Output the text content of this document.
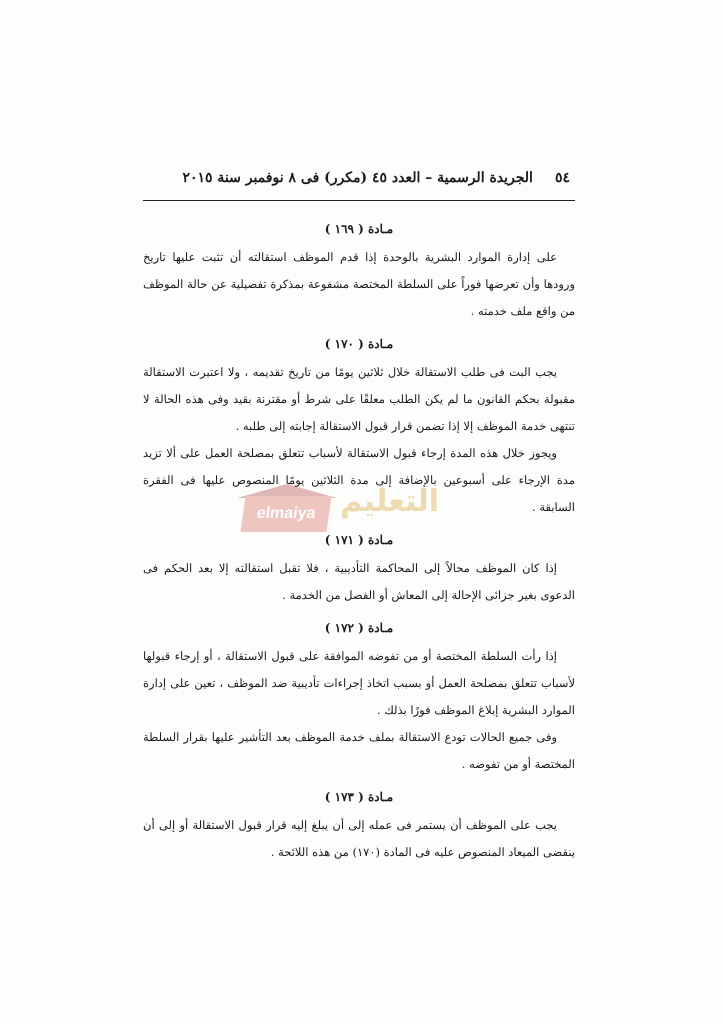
٥٤
الجريدة الرسمية – العدد ٤٥ (مكرر) فى ٨ نوفمبر سنة ٢٠١٥
مـادة ( ١٦٩ )

على إدارة الموارد البشرية بالوحدة إذا قدم الموظف استقالته أن تثبت عليها تاريخ ورودها وأن تعرضها فوراً على السلطة المختصة مشفوعة بمذكرة تفصيلية عن حالة الموظف من واقع ملف خدمته .

مـادة ( ١٧٠ )

يجب البت فى طلب الاستقالة خلال ثلاثين يومًا من تاريخ تقديمه ، ولا اعتبرت الاستقالة مقبولة بحكم القانون ما لم يكن الطلب معلقًا على شرط أو مقترنة بقيد وفى هذه الحالة لا تنتهى خدمة الموظف إلا إذا تضمن قرار قبول الاستقالة إجابته إلى طلبه .

ويجوز خلال هذه المدة إرجاء قبول الاستقالة لأسباب تتعلق بمصلحة العمل على ألا تزيد مدة الإرجاء على أسبوعين بالإضافة إلى مدة الثلاثين يومًا المنصوص عليها فى الفقرة السابقة .

مـادة ( ١٧١ )

إذا كان الموظف محالاً إلى المحاكمة التأديبية ، فلا تقبل استقالته إلا بعد الحكم فى الدعوى بغير جزائى الإحالة إلى المعاش أو الفصل من الخدمة .

مـادة ( ١٧٢ )

إذا رأت السلطة المختصة أو من تفوضه الموافقة على قبول الاستقالة ، أو إرجاء قبولها لأسباب تتعلق بمصلحة العمل أو بسبب اتخاذ إجراءات تأديبية ضد الموظف ، تعين على إدارة الموارد البشرية إبلاغ الموظف فورًا بذلك .

وفى جميع الحالات تودع الاستقالة بملف خدمة الموظف بعد التأشير عليها بقرار السلطة المختصة أو من تفوضه .

مـادة ( ١٧٣ )

يجب على الموظف أن يستمر فى عمله إلى أن يبلغ إليه قرار قبول الاستقالة أو إلى أن ينقضى الميعاد المنصوص عليه فى المادة (١٧٠) من هذه اللائحة .

elmaiya التعليم
